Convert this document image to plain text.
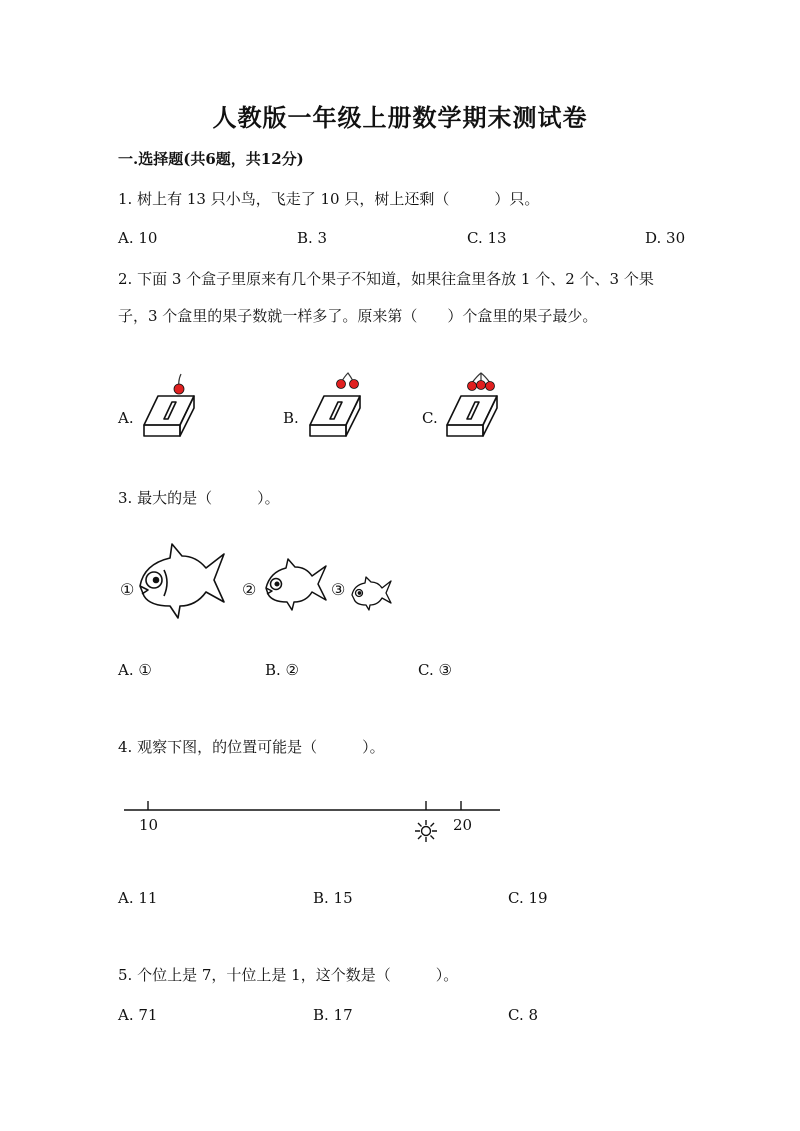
人教版一年级上册数学期末测试卷
一.选择题(共6题，共12分)
1. 树上有 13 只小鸟，飞走了 10 只，树上还剩（　　　）只。
A. 10	B. 3	C. 13	D. 30
2. 下面 3 个盒子里原来有几个果子不知道，如果往盒里各放 1 个、2 个、3 个果
子，3 个盒里的果子数就一样多了。原来第（　　）个盒里的果子最少。
A.	B.	C.
3. 最大的是（　　　）。
①	②	③
A. ①	B. ②	C. ③
4. 观察下图，的位置可能是（　　　）。
10	20
A. 11	B. 15	C. 19
5. 个位上是 7，十位上是 1，这个数是（　　　）。
A. 71	B. 17	C. 8
